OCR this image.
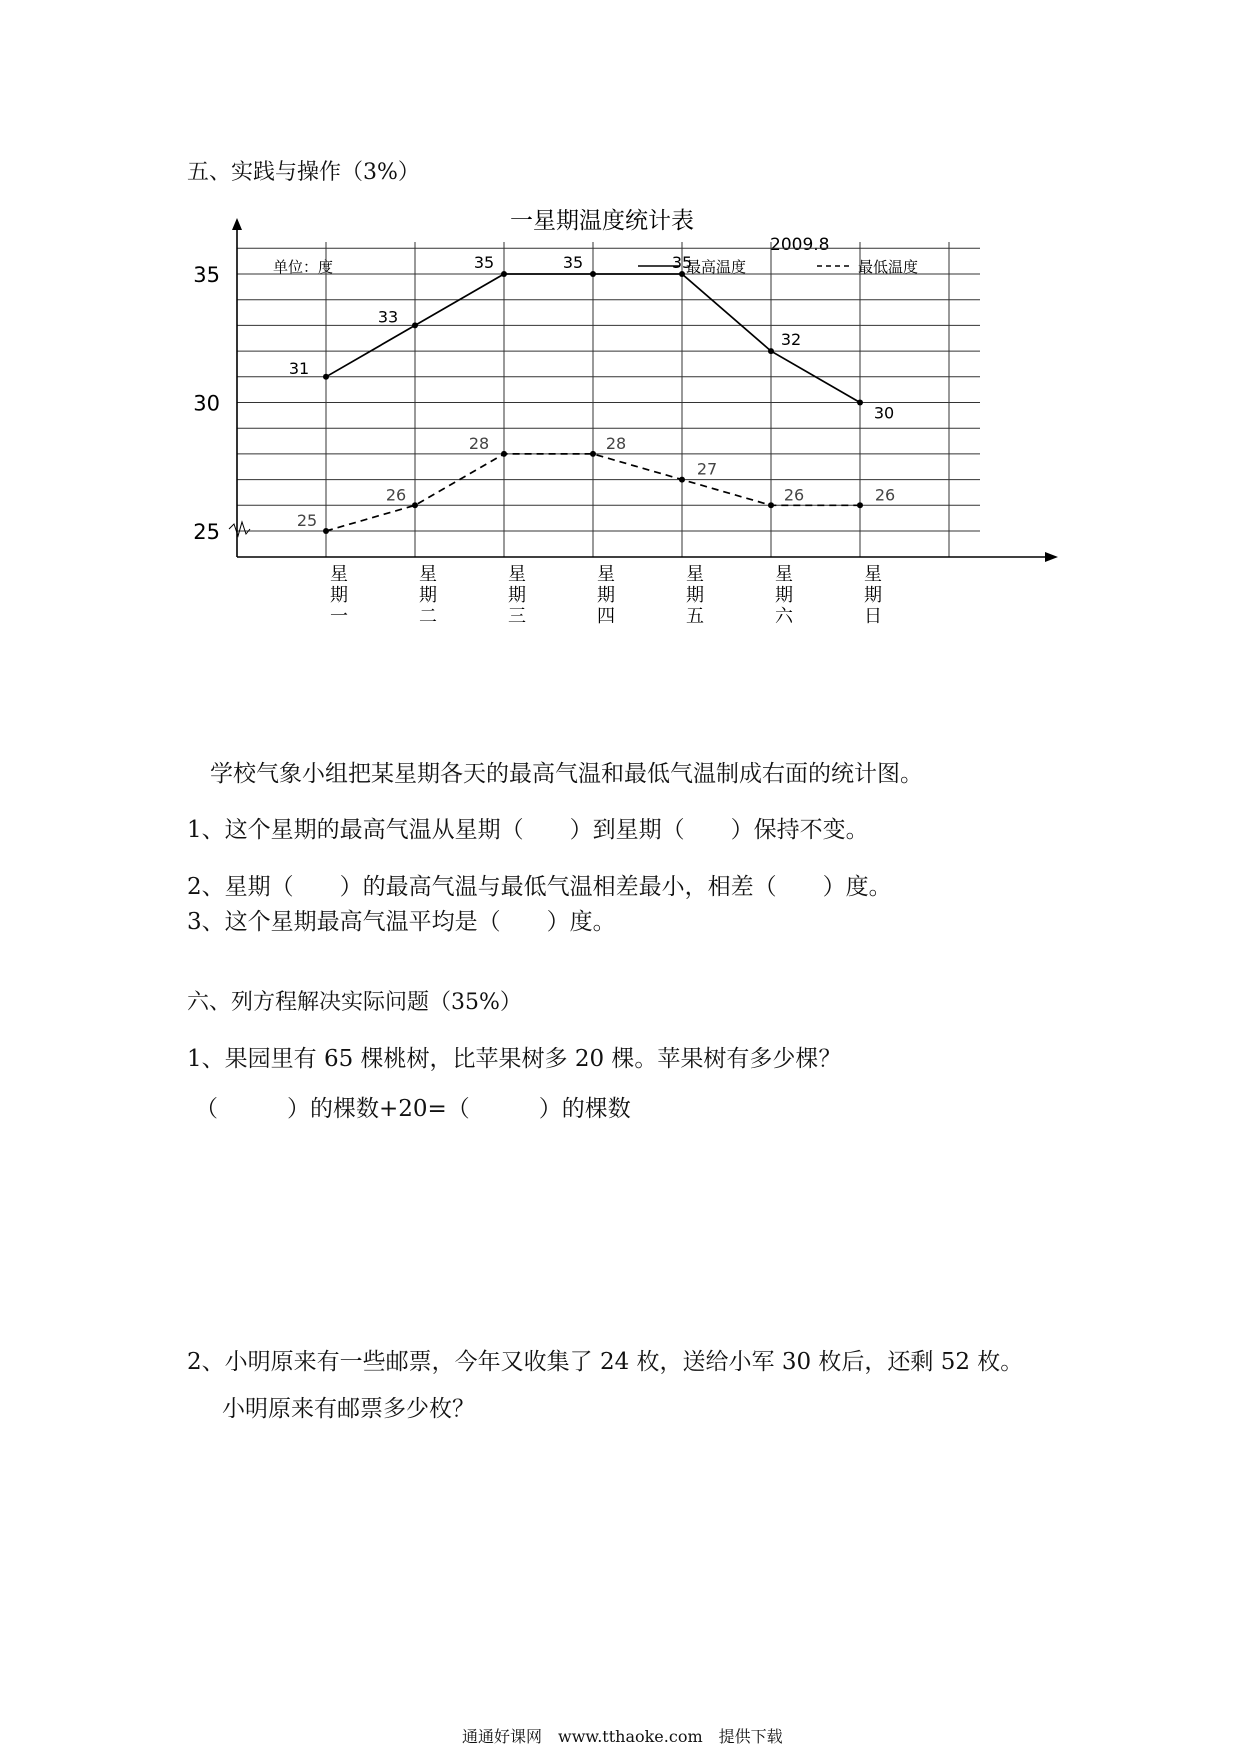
五、实践与操作（3%）
一星期温度统计表
2009.8
单位：度	最高温度	最低温度
25
30
35
星
期
一
星
期
二
星
期
三
星
期
四
星
期
五
星
期
六
星
期
日
31
33
35	35	35
32
30
25
26
28	28
27
26	26
学校气象小组把某星期各天的最高气温和最低气温制成右面的统计图。
1、这个星期的最高气温从星期（　　）到星期（　　）保持不变。
2、星期（　　）的最高气温与最低气温相差最小，相差（　　）度。
3、这个星期最高气温平均是（　　）度。
六、列方程解决实际问题（35%）
1、果园里有 65 棵桃树，比苹果树多 20 棵。苹果树有多少棵？
（　　　）的棵数+20=（　　　）的棵数
2、小明原来有一些邮票，今年又收集了 24 枚，送给小军 30 枚后，还剩 52 枚。
小明原来有邮票多少枚？
通通好课网　www.tthaoke.com　提供下载
